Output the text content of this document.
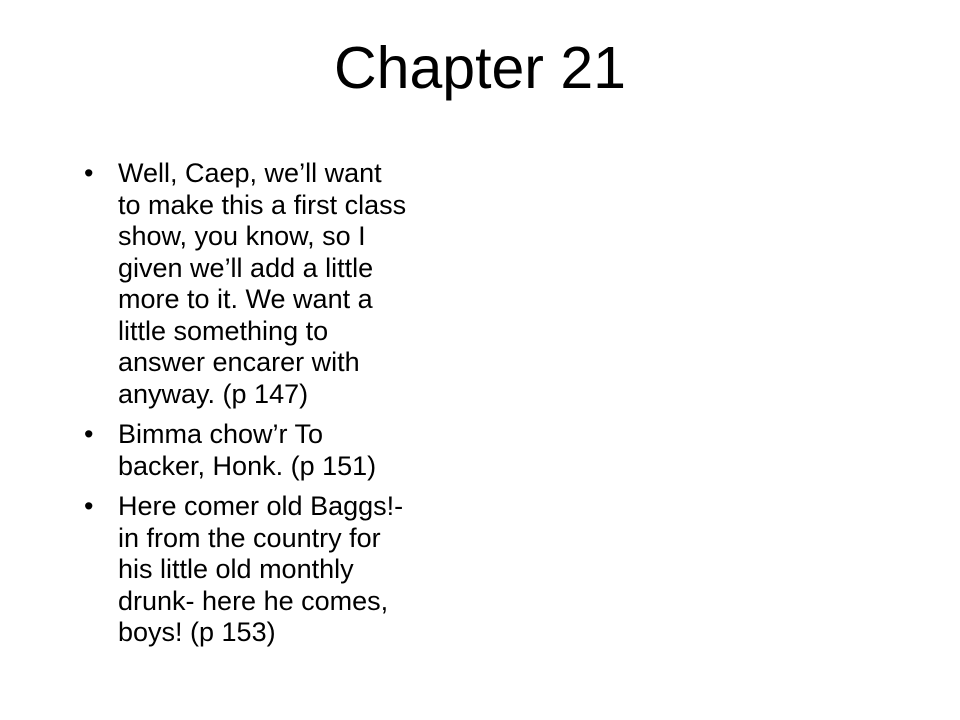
Chapter 21
• Well, Caep, we’ll want
to make this a first class
show, you know, so I
given we’ll add a little
more to it. We want a
little something to
answer encarer with
anyway. (p 147)
• Bimma chow’r To
backer, Honk. (p 151)
• Here comer old Baggs!-
in from the country for
his little old monthly
drunk- here he comes,
boys! (p 153)
